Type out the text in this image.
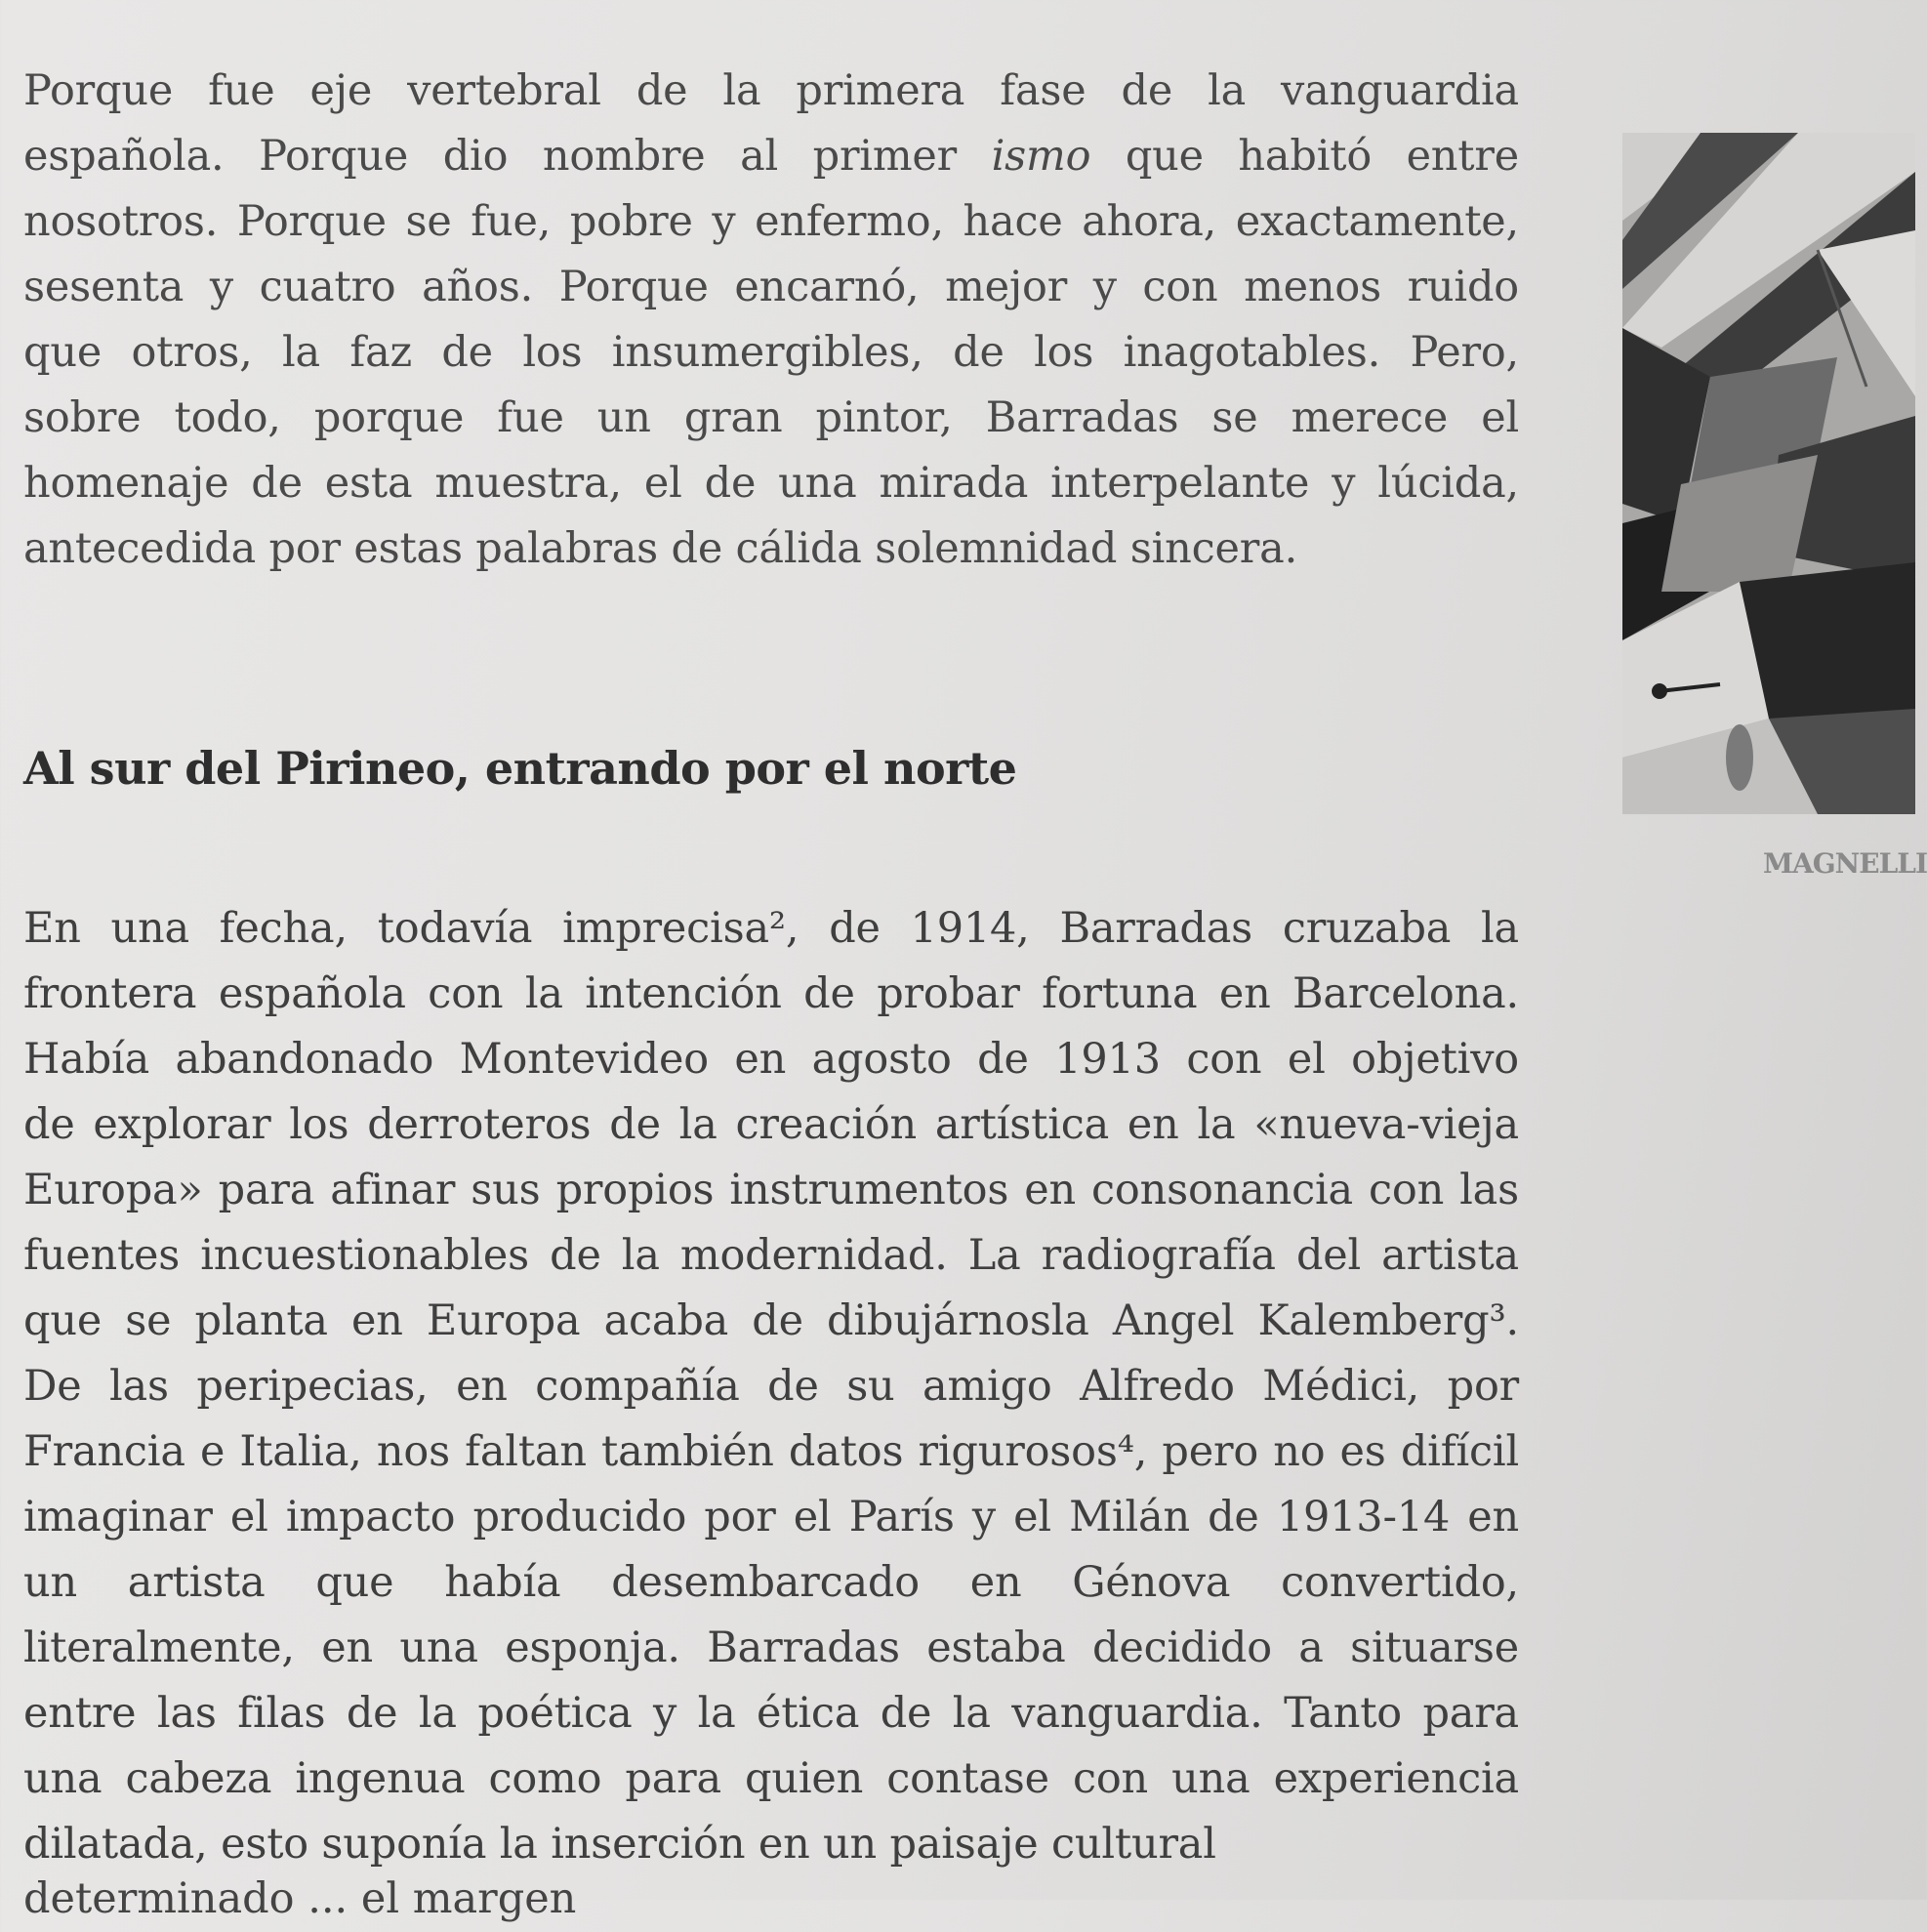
Porque fue eje vertebral de la primera fase de la vanguardia
española. Porque dio nombre al primer ismo que habitó entre
nosotros. Porque se fue, pobre y enfermo, hace ahora, exactamente,
sesenta y cuatro años. Porque encarnó, mejor y con menos ruido
que otros, la faz de los insumergibles, de los inagotables. Pero,
sobre todo, porque fue un gran pintor, Barradas se merece el
homenaje de esta muestra, el de una mirada interpelante y lúcida,
antecedida por estas palabras de cálida solemnidad sincera.

Al sur del Pirineo, entrando por el norte

En una fecha, todavía imprecisa², de 1914, Barradas cruzaba la
frontera española con la intención de probar fortuna en Barcelona.
Había abandonado Montevideo en agosto de 1913 con el objetivo
de explorar los derroteros de la creación artística en la «nueva-vieja
Europa» para afinar sus propios instrumentos en consonancia con las
fuentes incuestionables de la modernidad. La radiografía del artista
que se planta en Europa acaba de dibujárnosla Angel Kalemberg³.
De las peripecias, en compañía de su amigo Alfredo Médici, por
Francia e Italia, nos faltan también datos rigurosos⁴, pero no es difícil
imaginar el impacto producido por el París y el Milán de 1913-14 en
un artista que había desembarcado en Génova convertido,
literalmente, en una esponja. Barradas estaba decidido a situarse
entre las filas de la poética y la ética de la vanguardia. Tanto para
una cabeza ingenua como para quien contase con una experiencia
dilatada, esto suponía la inserción en un paisaje cultural

determinado ... el margen
MAGNELLI
